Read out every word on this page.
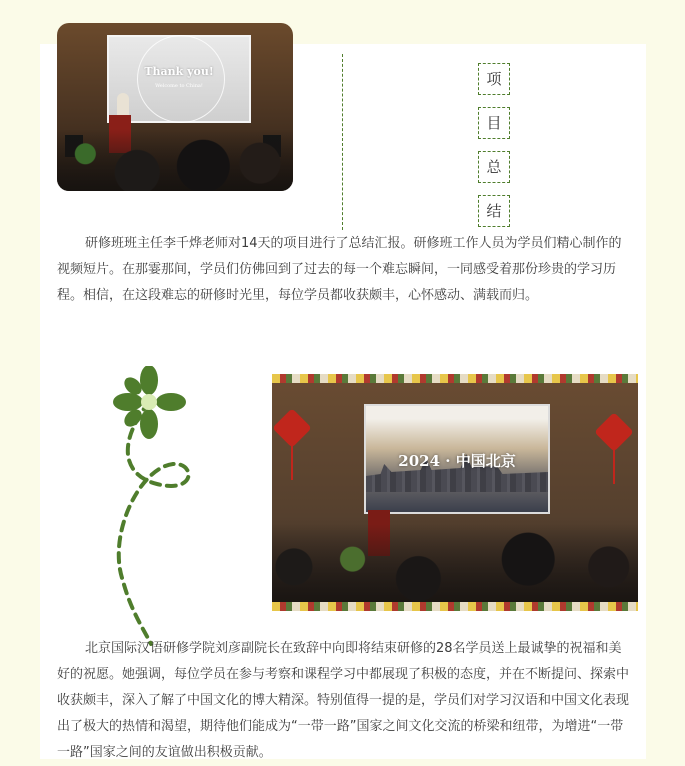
Thank you!
Welcome to China!	项
目
总
结

研修班班主任李千烨老师对14天的项目进行了总结汇报。研修班工作人员为学员们精心制作的视频短片。在那霎那间，学员们仿佛回到了过去的每一个难忘瞬间，一同感受着那份珍贵的学习历程。相信，在这段难忘的研修时光里，每位学员都收获颇丰，心怀感动、满载而归。

2024 · 中国北京

北京国际汉语研修学院刘彦副院长在致辞中向即将结束研修的28名学员送上最诚挚的祝福和美好的祝愿。她强调，每位学员在参与考察和课程学习中都展现了积极的态度，并在不断提问、探索中收获颇丰，深入了解了中国文化的博大精深。特别值得一提的是，学员们对学习汉语和中国文化表现出了极大的热情和渴望，期待他们能成为“一带一路”国家之间文化交流的桥梁和纽带，为增进“一带一路”国家之间的友谊做出积极贡献。
